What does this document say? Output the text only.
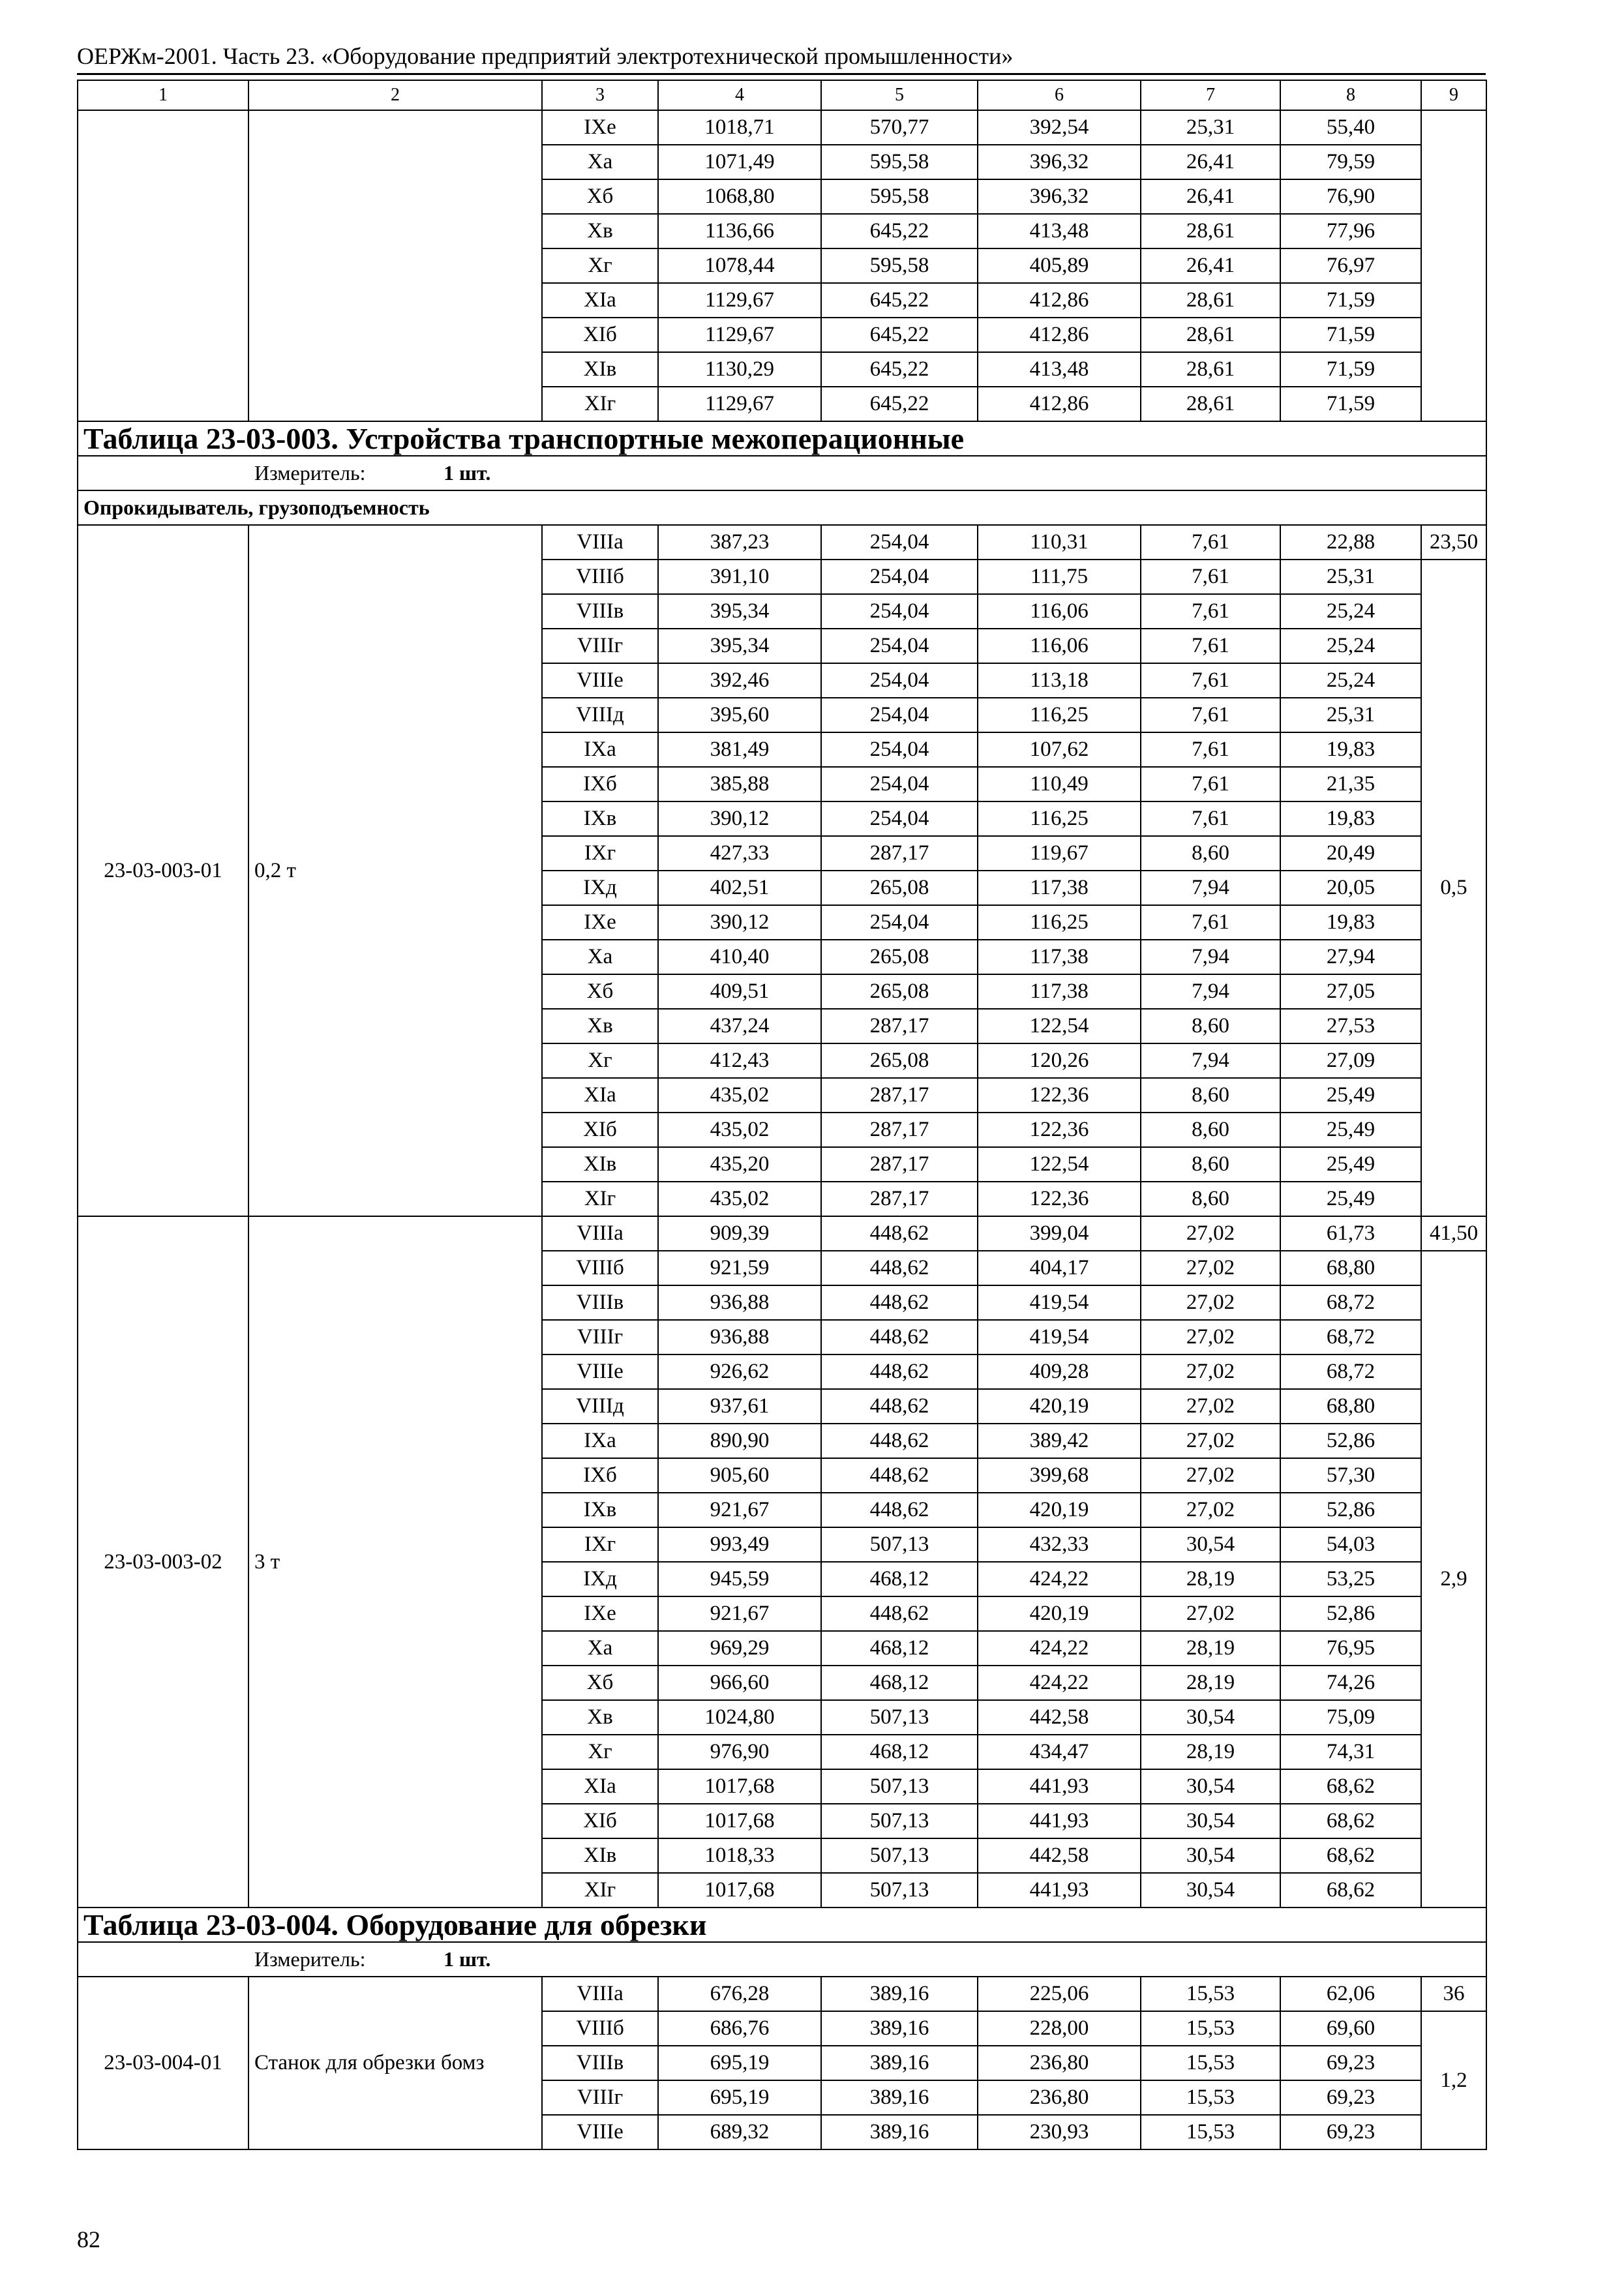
ОЕРЖм-2001. Часть 23. «Оборудование предприятий электротехнической промышленности»
1	2	3	4	5	6	7	8	9
		IXе	1018,71	570,77	392,54	25,31	55,40	
		Xа	1071,49	595,58	396,32	26,41	79,59	
		Xб	1068,80	595,58	396,32	26,41	76,90	
		Xв	1136,66	645,22	413,48	28,61	77,96	
		Xг	1078,44	595,58	405,89	26,41	76,97	
		XIа	1129,67	645,22	412,86	28,61	71,59	
		XIб	1129,67	645,22	412,86	28,61	71,59	
		XIв	1130,29	645,22	413,48	28,61	71,59	
		XIг	1129,67	645,22	412,86	28,61	71,59	
Таблица 23-03-003. Устройства транспортные межоперационные								
Измеритель: 1 шт.								
Опрокидыватель, грузоподъемность								
23-03-003-01	0,2 т	VIIIа	387,23	254,04	110,31	7,61	22,88	23,50
		VIIIб	391,10	254,04	111,75	7,61	25,31	0,5
		VIIIв	395,34	254,04	116,06	7,61	25,24	
		VIIIг	395,34	254,04	116,06	7,61	25,24	
		VIIIе	392,46	254,04	113,18	7,61	25,24	
		VIIIд	395,60	254,04	116,25	7,61	25,31	
		IXа	381,49	254,04	107,62	7,61	19,83	
		IXб	385,88	254,04	110,49	7,61	21,35	
		IXв	390,12	254,04	116,25	7,61	19,83	
		IXг	427,33	287,17	119,67	8,60	20,49	
		IXд	402,51	265,08	117,38	7,94	20,05	
		IXе	390,12	254,04	116,25	7,61	19,83	
		Xа	410,40	265,08	117,38	7,94	27,94	
		Xб	409,51	265,08	117,38	7,94	27,05	
		Xв	437,24	287,17	122,54	8,60	27,53	
		Xг	412,43	265,08	120,26	7,94	27,09	
		XIа	435,02	287,17	122,36	8,60	25,49	
		XIб	435,02	287,17	122,36	8,60	25,49	
		XIв	435,20	287,17	122,54	8,60	25,49	
		XIг	435,02	287,17	122,36	8,60	25,49	
23-03-003-02	3 т	VIIIа	909,39	448,62	399,04	27,02	61,73	41,50
		VIIIб	921,59	448,62	404,17	27,02	68,80	2,9
		VIIIв	936,88	448,62	419,54	27,02	68,72	
		VIIIг	936,88	448,62	419,54	27,02	68,72	
		VIIIе	926,62	448,62	409,28	27,02	68,72	
		VIIIд	937,61	448,62	420,19	27,02	68,80	
		IXа	890,90	448,62	389,42	27,02	52,86	
		IXб	905,60	448,62	399,68	27,02	57,30	
		IXв	921,67	448,62	420,19	27,02	52,86	
		IXг	993,49	507,13	432,33	30,54	54,03	
		IXд	945,59	468,12	424,22	28,19	53,25	
		IXе	921,67	448,62	420,19	27,02	52,86	
		Xа	969,29	468,12	424,22	28,19	76,95	
		Xб	966,60	468,12	424,22	28,19	74,26	
		Xв	1024,80	507,13	442,58	30,54	75,09	
		Xг	976,90	468,12	434,47	28,19	74,31	
		XIа	1017,68	507,13	441,93	30,54	68,62	
		XIб	1017,68	507,13	441,93	30,54	68,62	
		XIв	1018,33	507,13	442,58	30,54	68,62	
		XIг	1017,68	507,13	441,93	30,54	68,62	
Таблица 23-03-004. Оборудование для обрезки								
Измеритель: 1 шт.								
23-03-004-01	Станок для обрезки бомз	VIIIа	676,28	389,16	225,06	15,53	62,06	36
		VIIIб	686,76	389,16	228,00	15,53	69,60	1,2
		VIIIв	695,19	389,16	236,80	15,53	69,23	
		VIIIг	695,19	389,16	236,80	15,53	69,23	
		VIIIе	689,32	389,16	230,93	15,53	69,23	
82
